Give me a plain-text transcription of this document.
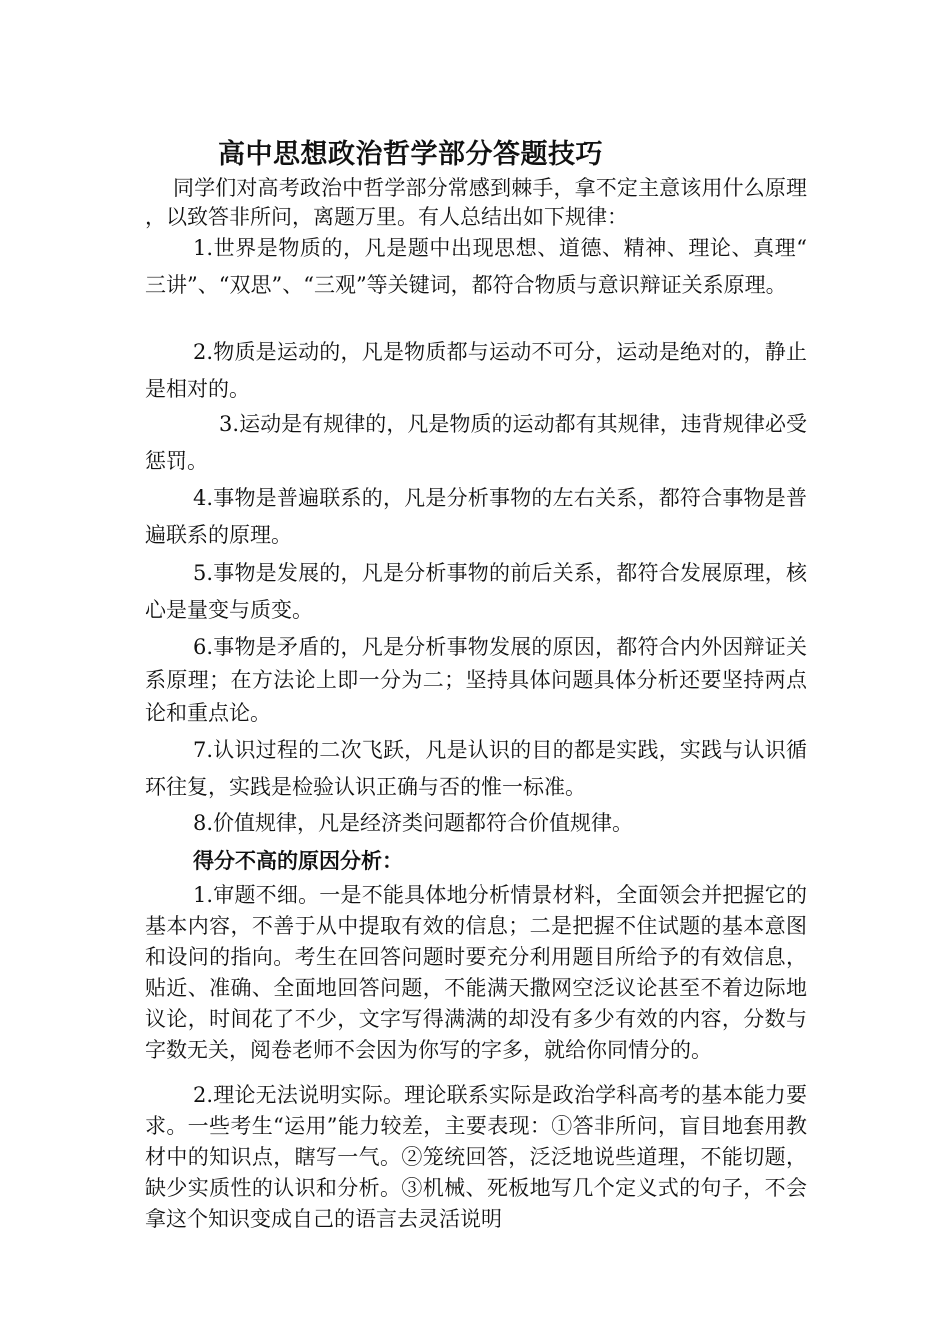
高中思想政治哲学部分答题技巧
同学们对高考政治中哲学部分常感到棘手，拿不定主意该用什么原理，以致答非所问，离题万里。有人总结出如下规律：
1.世界是物质的，凡是题中出现思想、道德、精神、理论、真理“三讲”、“双思”、“三观”等关键词，都符合物质与意识辩证关系原理。
2.物质是运动的，凡是物质都与运动不可分，运动是绝对的，静止是相对的。
3.运动是有规律的，凡是物质的运动都有其规律，违背规律必受惩罚。
4.事物是普遍联系的，凡是分析事物的左右关系，都符合事物是普遍联系的原理。
5.事物是发展的，凡是分析事物的前后关系，都符合发展原理，核心是量变与质变。
6.事物是矛盾的，凡是分析事物发展的原因，都符合内外因辩证关系原理；在方法论上即一分为二；坚持具体问题具体分析还要坚持两点论和重点论。
7.认识过程的二次飞跃，凡是认识的目的都是实践，实践与认识循环往复，实践是检验认识正确与否的惟一标准。
8.价值规律，凡是经济类问题都符合价值规律。
得分不高的原因分析：
1.审题不细。一是不能具体地分析情景材料，全面领会并把握它的基本内容，不善于从中提取有效的信息；二是把握不住试题的基本意图和设问的指向。考生在回答问题时要充分利用题目所给予的有效信息，贴近、准确、全面地回答问题，不能满天撒网空泛议论甚至不着边际地议论，时间花了不少，文字写得满满的却没有多少有效的内容，分数与字数无关，阅卷老师不会因为你写的字多，就给你同情分的。
2.理论无法说明实际。理论联系实际是政治学科高考的基本能力要求。一些考生“运用”能力较差，主要表现：①答非所问，盲目地套用教材中的知识点，瞎写一气。②笼统回答，泛泛地说些道理，不能切题，缺少实质性的认识和分析。③机械、死板地写几个定义式的句子，不会拿这个知识变成自己的语言去灵活说明
